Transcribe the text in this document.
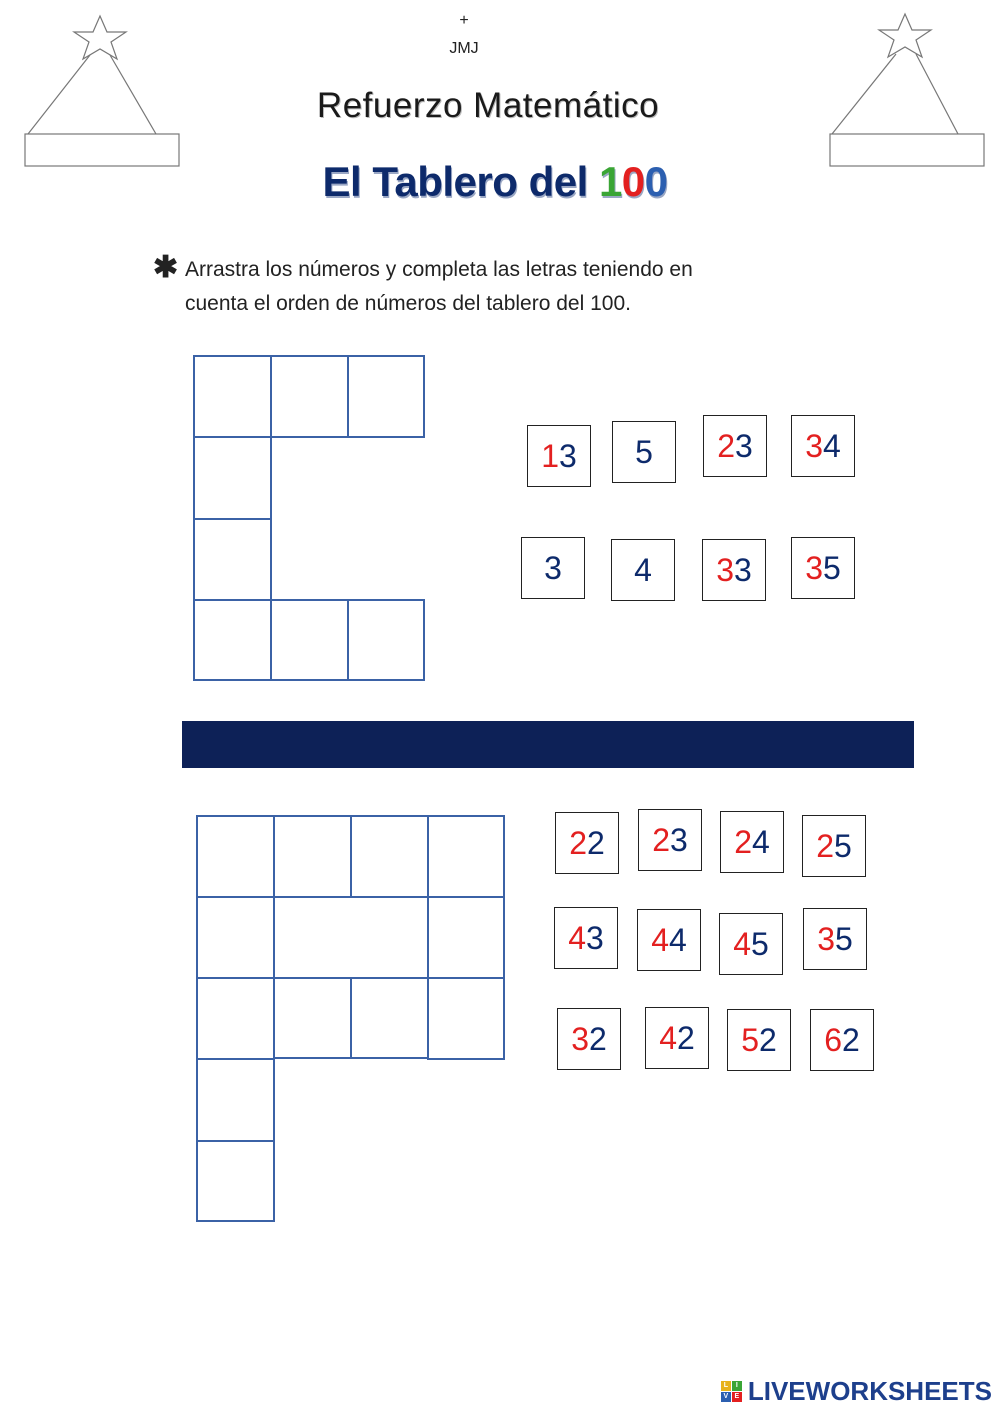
+
JMJ
Refuerzo Matemático
El Tablero del 100
✱ Arrastra los números y completa las letras teniendo en
cuenta el orden de números del tablero del 100.
1 3 5 2 3 3 4
3 4 3 3 3 5
2 2 2 3 2 4 2 5
4 3 4 4 4 5 3 5
3 2 4 2 5 2 6 2
L	I
V E LIVEWORKSHEETS
